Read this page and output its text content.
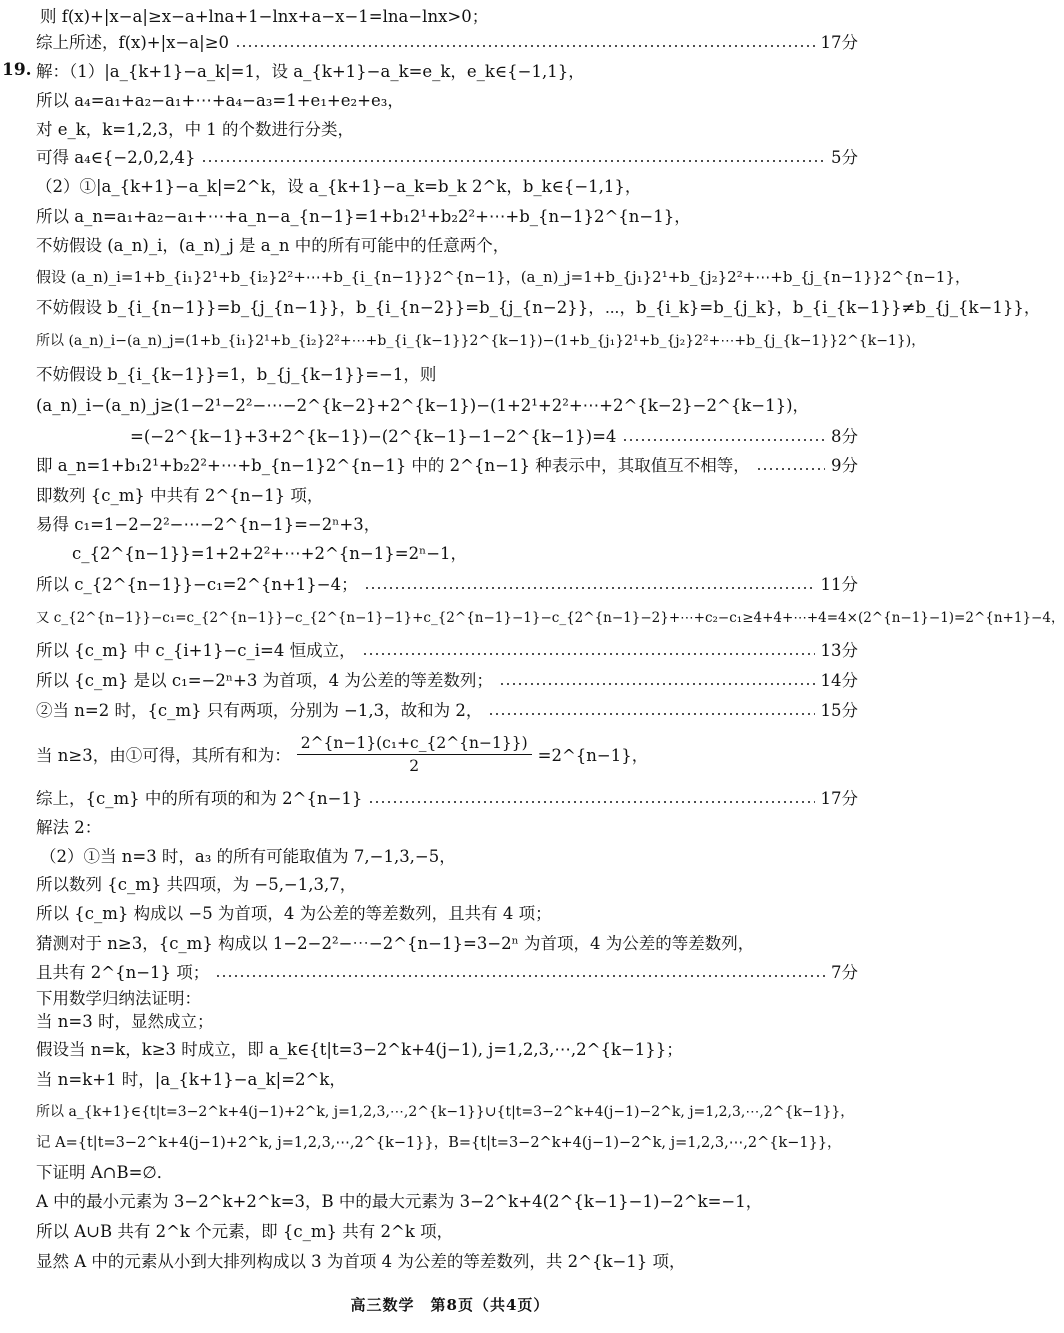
则 f(x)+|x−a|≥x−a+lna+1−lnx+a−x−1=lna−lnx>0；
综上所述，f(x)+|x−a|≥0	17分
19. 解：（1）|a_{k+1}−a_k|=1，设 a_{k+1}−a_k=e_k，e_k∈{−1,1}，
所以 a₄=a₁+a₂−a₁+⋯+a₄−a₃=1+e₁+e₂+e₃，
对 e_k，k=1,2,3，中 1 的个数进行分类，
可得 a₄∈{−2,0,2,4}	5分
（2）①|a_{k+1}−a_k|=2^k，设 a_{k+1}−a_k=b_k 2^k，b_k∈{−1,1}，
所以 a_n=a₁+a₂−a₁+⋯+a_n−a_{n−1}=1+b₁2¹+b₂2²+⋯+b_{n−1}2^{n−1}，
不妨假设 (a_n)_i，(a_n)_j 是 a_n 中的所有可能中的任意两个，
假设 (a_n)_i=1+b_{i₁}2¹+b_{i₂}2²+⋯+b_{i_{n−1}}2^{n−1}，(a_n)_j=1+b_{j₁}2¹+b_{j₂}2²+⋯+b_{j_{n−1}}2^{n−1}，
不妨假设 b_{i_{n−1}}=b_{j_{n−1}}，b_{i_{n−2}}=b_{j_{n−2}}，⋯，b_{i_k}=b_{j_k}，b_{i_{k−1}}≠b_{j_{k−1}}，
所以 (a_n)_i−(a_n)_j=(1+b_{i₁}2¹+b_{i₂}2²+⋯+b_{i_{k−1}}2^{k−1})−(1+b_{j₁}2¹+b_{j₂}2²+⋯+b_{j_{k−1}}2^{k−1})，
不妨假设 b_{i_{k−1}}=1，b_{j_{k−1}}=−1，则
(a_n)_i−(a_n)_j≥(1−2¹−2²−⋯−2^{k−2}+2^{k−1})−(1+2¹+2²+⋯+2^{k−2}−2^{k−1})，
=(−2^{k−1}+3+2^{k−1})−(2^{k−1}−1−2^{k−1})=4	8分
即 a_n=1+b₁2¹+b₂2²+⋯+b_{n−1}2^{n−1} 中的 2^{n−1} 种表示中，其取值互不相等，	9分
即数列 {c_m} 中共有 2^{n−1} 项，
易得 c₁=1−2−2²−⋯−2^{n−1}=−2ⁿ+3，
c_{2^{n−1}}=1+2+2²+⋯+2^{n−1}=2ⁿ−1，
所以 c_{2^{n−1}}−c₁=2^{n+1}−4；	11分
又 c_{2^{n−1}}−c₁=c_{2^{n−1}}−c_{2^{n−1}−1}+c_{2^{n−1}−1}−c_{2^{n−1}−2}+⋯+c₂−c₁≥4+4+⋯+4=4×(2^{n−1}−1)=2^{n+1}−4，
所以 {c_m} 中 c_{i+1}−c_i=4 恒成立，	13分
所以 {c_m} 是以 c₁=−2ⁿ+3 为首项，4 为公差的等差数列；	14分
②当 n=2 时，{c_m} 只有两项，分别为 −1,3，故和为 2，	15分
当 n≥3，由①可得，其所有和为： $\frac{\text{2\textasciicircum{}\{n−1\}(c₁+c\_\{2\textasciicircum{}\{n−1\}\})}}{2}$ =2^{n−1}，
综上，{c_m} 中的所有项的和为 2^{n−1}	17分
解法 2：
（2）①当 n=3 时，a₃ 的所有可能取值为 7,−1,3,−5，
所以数列 {c_m} 共四项，为 −5,−1,3,7，
所以 {c_m} 构成以 −5 为首项，4 为公差的等差数列，且共有 4 项；
猜测对于 n≥3，{c_m} 构成以 1−2−2²−⋯−2^{n−1}=3−2ⁿ 为首项，4 为公差的等差数列，
且共有 2^{n−1} 项；	7分
下用数学归纳法证明：
当 n=3 时，显然成立；
假设当 n=k，k≥3 时成立，即 a_k∈{t|t=3−2^k+4(j−1), j=1,2,3,⋯,2^{k−1}}；
当 n=k+1 时，|a_{k+1}−a_k|=2^k，
所以 a_{k+1}∈{t|t=3−2^k+4(j−1)+2^k, j=1,2,3,⋯,2^{k−1}}∪{t|t=3−2^k+4(j−1)−2^k, j=1,2,3,⋯,2^{k−1}}，
记 A={t|t=3−2^k+4(j−1)+2^k, j=1,2,3,⋯,2^{k−1}}，B={t|t=3−2^k+4(j−1)−2^k, j=1,2,3,⋯,2^{k−1}}，
下证明 A∩B=∅．
A 中的最小元素为 3−2^k+2^k=3，B 中的最大元素为 3−2^k+4(2^{k−1}−1)−2^k=−1，
所以 A∪B 共有 2^k 个元素，即 {c_m} 共有 2^k 项，
显然 A 中的元素从小到大排列构成以 3 为首项 4 为公差的等差数列，共 2^{k−1} 项，
高三数学　第8页（共4页）
